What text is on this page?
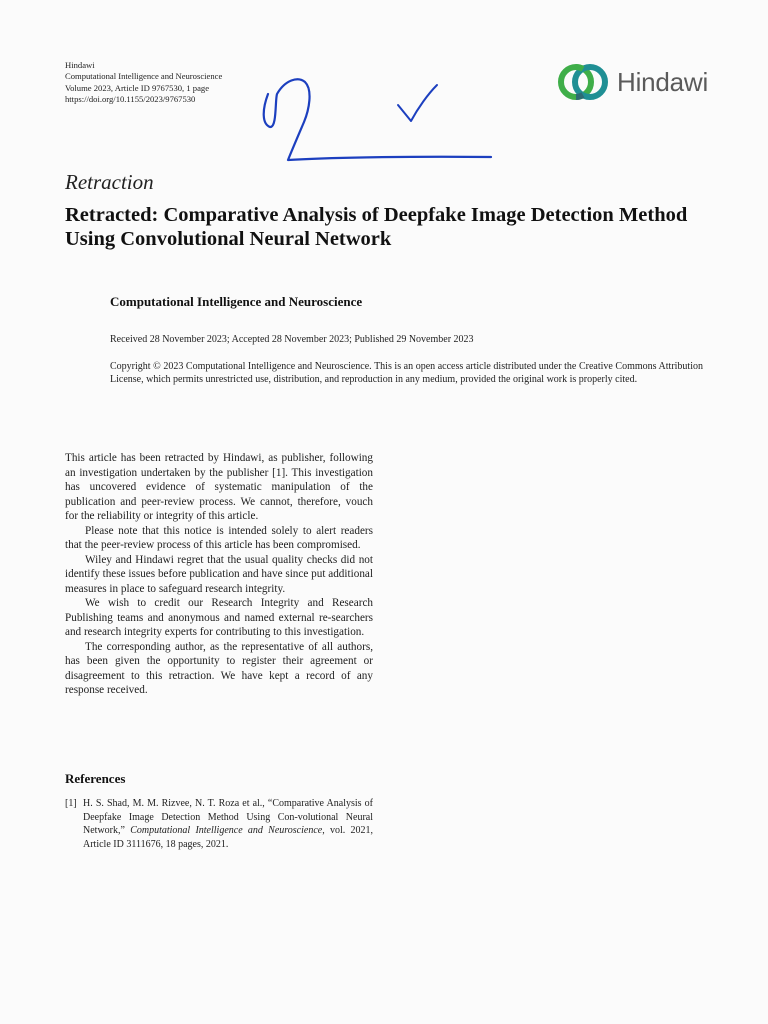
Hindawi
Computational Intelligence and Neuroscience
Volume 2023, Article ID 9767530, 1 page
https://doi.org/10.1155/2023/9767530
Hindawi
Retraction
Retracted: Comparative Analysis of Deepfake Image Detection Method Using Convolutional Neural Network
Computational Intelligence and Neuroscience
Received 28 November 2023; Accepted 28 November 2023; Published 29 November 2023
Copyright © 2023 Computational Intelligence and Neuroscience. This is an open access article distributed under the Creative Commons Attribution License, which permits unrestricted use, distribution, and reproduction in any medium, provided the original work is properly cited.

This article has been retracted by Hindawi, as publisher, following an investigation undertaken by the publisher [1]. This investigation has uncovered evidence of systematic manipulation of the publication and peer-review process. We cannot, therefore, vouch for the reliability or integrity of this article.

Please note that this notice is intended solely to alert readers that the peer-review process of this article has been compromised.

Wiley and Hindawi regret that the usual quality checks did not identify these issues before publication and have since put additional measures in place to safeguard research integrity.

We wish to credit our Research Integrity and Research Publishing teams and anonymous and named external re-searchers and research integrity experts for contributing to this investigation.

The corresponding author, as the representative of all authors, has been given the opportunity to register their agreement or disagreement to this retraction. We have kept a record of any response received.

References
[1] H. S. Shad, M. M. Rizvee, N. T. Roza et al., “Comparative Analysis of Deepfake Image Detection Method Using Con-volutional Neural Network,” Computational Intelligence and Neuroscience, vol. 2021, Article ID 3111676, 18 pages, 2021.
